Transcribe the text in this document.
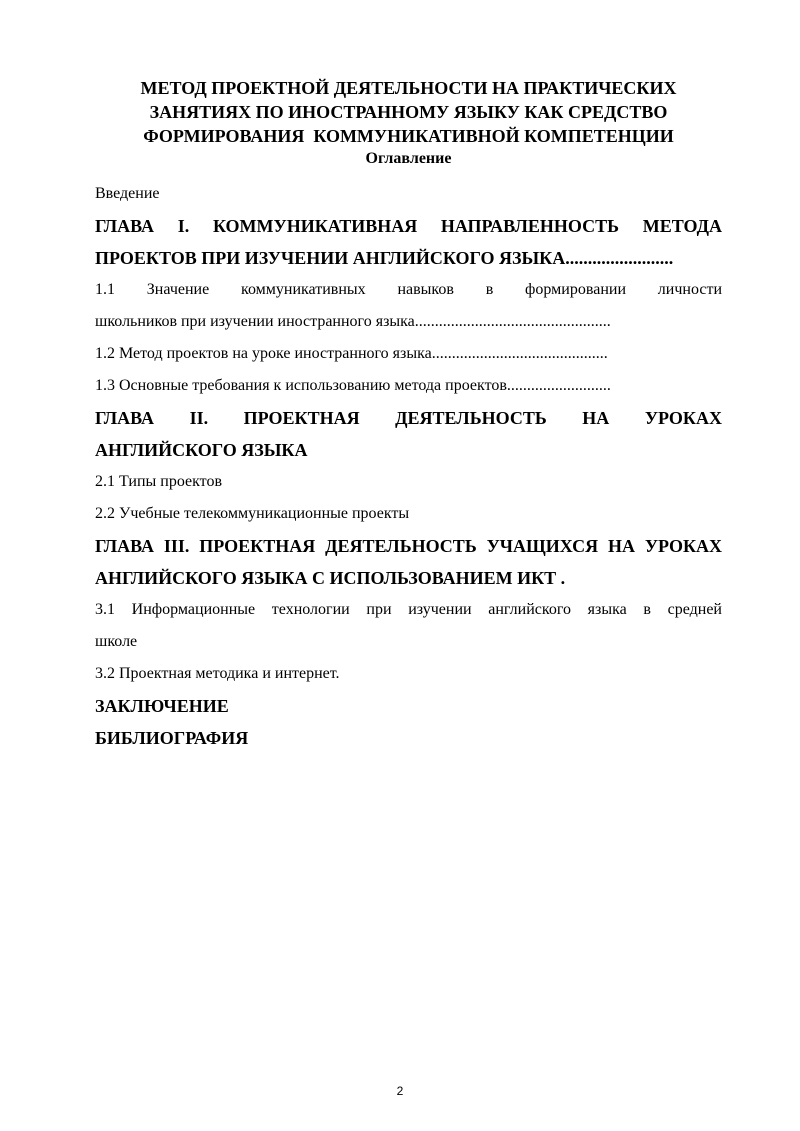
МЕТОД ПРОЕКТНОЙ ДЕЯТЕЛЬНОСТИ НА ПРАКТИЧЕСКИХ
ЗАНЯТИЯХ ПО ИНОСТРАННОМУ ЯЗЫКУ КАК СРЕДСТВО
ФОРМИРОВАНИЯ  КОММУНИКАТИВНОЙ КОМПЕТЕНЦИИ

Оглавление

Введение

ГЛАВА I. КОММУНИКАТИВНАЯ НАПРАВЛЕННОСТЬ МЕТОДА
ПРОЕКТОВ ПРИ ИЗУЧЕНИИ АНГЛИЙСКОГО ЯЗЫКА........................
1.1 Значение коммуникативных навыков в формировании личности
школьников при изучении иностранного языка.................................................

1.2 Метод проектов на уроке иностранного языка............................................

1.3 Основные требования к использованию метода проектов..........................

ГЛАВА II. ПРОЕКТНАЯ ДЕЯТЕЛЬНОСТЬ НА УРОКАХ
АНГЛИЙСКОГО ЯЗЫКА

2.1 Типы проектов

2.2 Учебные телекоммуникационные проекты

ГЛАВА III. ПРОЕКТНАЯ ДЕЯТЕЛЬНОСТЬ УЧАЩИХСЯ НА УРОКАХ
АНГЛИЙСКОГО ЯЗЫКА С ИСПОЛЬЗОВАНИЕМ ИКТ .
3.1 Информационные технологии при изучении английского языка в средней
школе

3.2 Проектная методика и интернет.

ЗАКЛЮЧЕНИЕ

БИБЛИОГРАФИЯ

2
